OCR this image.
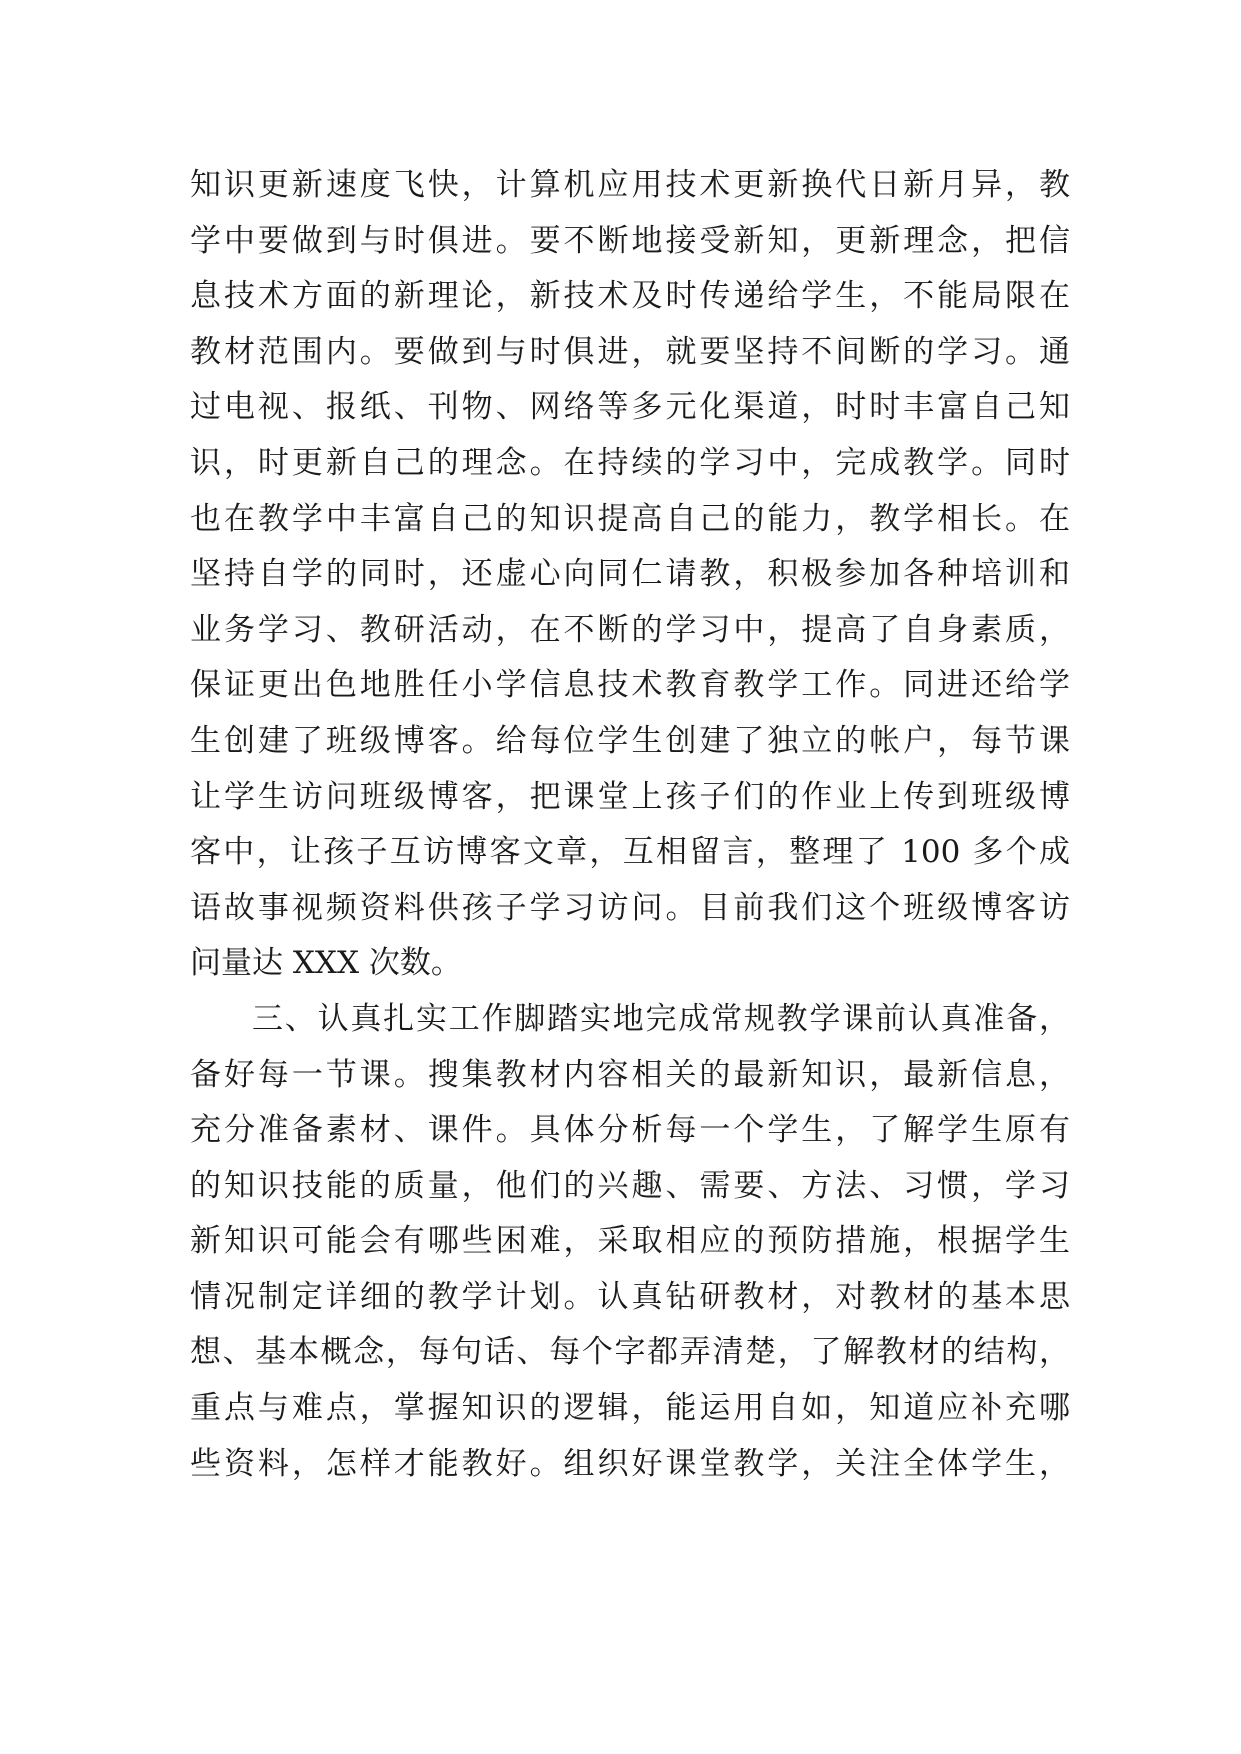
知识更新速度飞快，计算机应用技术更新换代日新月异，教
学中要做到与时俱进。要不断地接受新知，更新理念，把信
息技术方面的新理论，新技术及时传递给学生，不能局限在
教材范围内。要做到与时俱进，就要坚持不间断的学习。通
过电视、报纸、刊物、网络等多元化渠道，时时丰富自己知
识，时更新自己的理念。在持续的学习中，完成教学。同时
也在教学中丰富自己的知识提高自己的能力，教学相长。在
坚持自学的同时，还虚心向同仁请教，积极参加各种培训和
业务学习、教研活动，在不断的学习中，提高了自身素质，
保证更出色地胜任小学信息技术教育教学工作。同进还给学
生创建了班级博客。给每位学生创建了独立的帐户，每节课
让学生访问班级博客，把课堂上孩子们的作业上传到班级博
客中，让孩子互访博客文章，互相留言，整理了 100 多个成
语故事视频资料供孩子学习访问。目前我们这个班级博客访
问量达 XXX 次数。
三、认真扎实工作脚踏实地完成常规教学课前认真准备，
备好每一节课。搜集教材内容相关的最新知识，最新信息，
充分准备素材、课件。具体分析每一个学生，了解学生原有
的知识技能的质量，他们的兴趣、需要、方法、习惯，学习
新知识可能会有哪些困难，采取相应的预防措施，根据学生
情况制定详细的教学计划。认真钻研教材，对教材的基本思
想、基本概念，每句话、每个字都弄清楚，了解教材的结构，
重点与难点，掌握知识的逻辑，能运用自如，知道应补充哪
些资料，怎样才能教好。组织好课堂教学，关注全体学生，
